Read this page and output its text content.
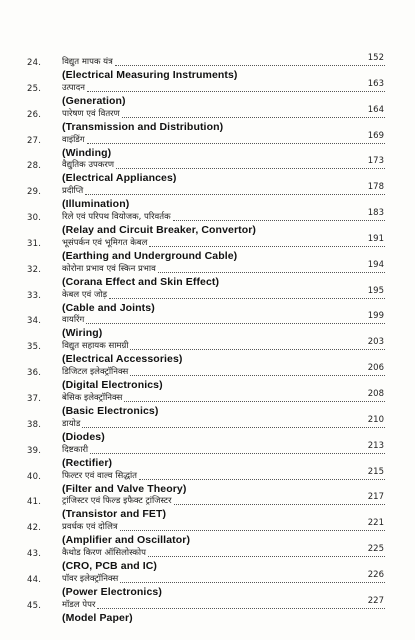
24.	विद्युत मापक यंत्र	152
(Electrical Measuring Instruments)
25.	उत्पादन	163
(Generation)
26.	पारेषण एवं वितरण	164
(Transmission and Distribution)
27.	वाइंडिंग	169
(Winding)
28.	वैद्युतिक उपकरण	173
(Electrical Appliances)
29.	प्रदीप्ति	178
(Illumination)
30.	रिले एवं परिपथ वियोजक, परिवर्तक	183
(Relay and Circuit Breaker, Convertor)
31.	भूसंपर्कन एवं भूमिगत केबल	191
(Earthing and Underground Cable)
32.	कोरोना प्रभाव एवं स्किन प्रभाव	194
(Corana Effect and Skin Effect)
33.	केबल एवं जोड़	195
(Cable and Joints)
34.	वायरिंग	199
(Wiring)
35.	विद्युत सहायक सामग्री	203
(Electrical Accessories)
36.	डिजिटल इलेक्ट्रॉनिक्स	206
(Digital Electronics)
37.	बेसिक इलेक्ट्रॉनिक्स	208
(Basic Electronics)
38.	डायोड	210
(Diodes)
39.	दिष्टकारी	213
(Rectifier)
40.	फिल्टर एवं वाल्व सिद्धांत	215
(Filter and Valve Theory)
41.	ट्रांजिस्टर एवं फिल्ड इफैक्ट ट्रांजिस्टर	217
(Transistor and FET)
42.	प्रवर्धक एवं दोलित्र	221
(Amplifier and Oscillator)
43.	कैथोड किरण ऑसिलोस्कोप	225
(CRO, PCB and IC)
44.	पॉवर इलेक्ट्रॉनिक्स	226
(Power Electronics)
45.	मॉडल पेपर	227
(Model Paper)
